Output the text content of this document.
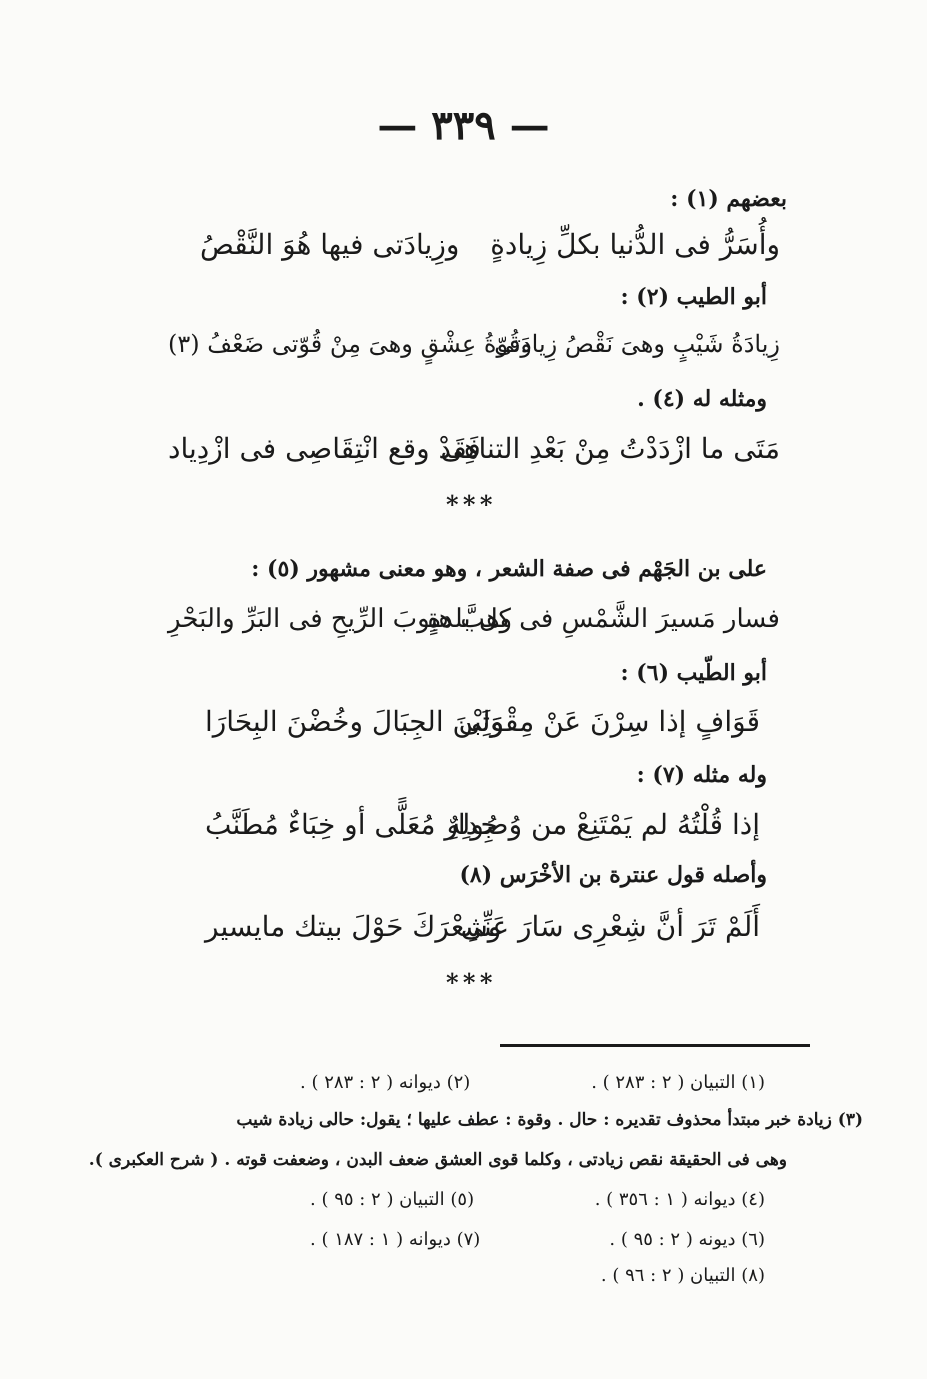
— ٣٣٩ —
بعضهم (١) :
وأُسَرُّ فى الدُّنيا بكلِّ زِيادةٍ
وزِيادَتى فيها هُوَ النَّقْصُ
أبو الطيب (٢) :
زِيادَةُ شَيْبٍ وهىَ نَقْصُ زِيادَتى
وقُوّةُ عِشْقٍ وهىَ مِنْ قُوّتى ضَعْفُ (٣)
ومثله له (٤) .
مَتَى ما ازْدَدْتُ مِنْ بَعْدِ التناهِى
فَقَدْ وقع انْتِقَاصِى فى ازْدِياد
* * *
على بن الجَهْم فى صفة الشعر ، وهو معنى مشهور (٥) :
فسار مَسيرَ الشَّمْسِ فى كل بلدةٍ
وهبَّ هبوبَ الرِّيحِ فى البَرِّ والبَحْرِ
أبو الطّيب (٦) :
قَوَافٍ إذا سِرْنَ عَنْ مِقْوَلِى
وَثَبْنَ الجِبَالَ وخُضْنَ البِحَارَا
وله مثله (٧) :
إذا قُلْتُهُ لم يَمْتَنِعْ من وُصُولِهِ
جِدارٌ مُعَلًّى أو خِبَاءٌ مُطَنَّبُ
وأصله قول عنترة بن الأخْرَس (٨)
أَلَمْ تَرَ أنَّ شِعْرِى سَارَ عَنِّى
وشِعْرَكَ حَوْلَ بيتك مايسير
* * *
(١) التبيان ( ٢ : ٢٨٣ ) .
(٢) ديوانه ( ٢ : ٢٨٣ ) .
(٣) زيادة خبر مبتدأ محذوف تقديره : حال . وقوة : عطف عليها ؛ يقول: حالى زيادة شيب
وهى فى الحقيقة نقص زيادتى ، وكلما قوى العشق ضعف البدن ، وضعفت قوته . ( شرح العكبرى ).
(٤) ديوانه ( ١ : ٣٥٦ ) .
(٥) التبيان ( ٢ : ٩٥ ) .
(٦) ديونه ( ٢ : ٩٥ ) .
(٧) ديوانه ( ١ : ١٨٧ ) .
(٨) التبيان ( ٢ : ٩٦ ) .
